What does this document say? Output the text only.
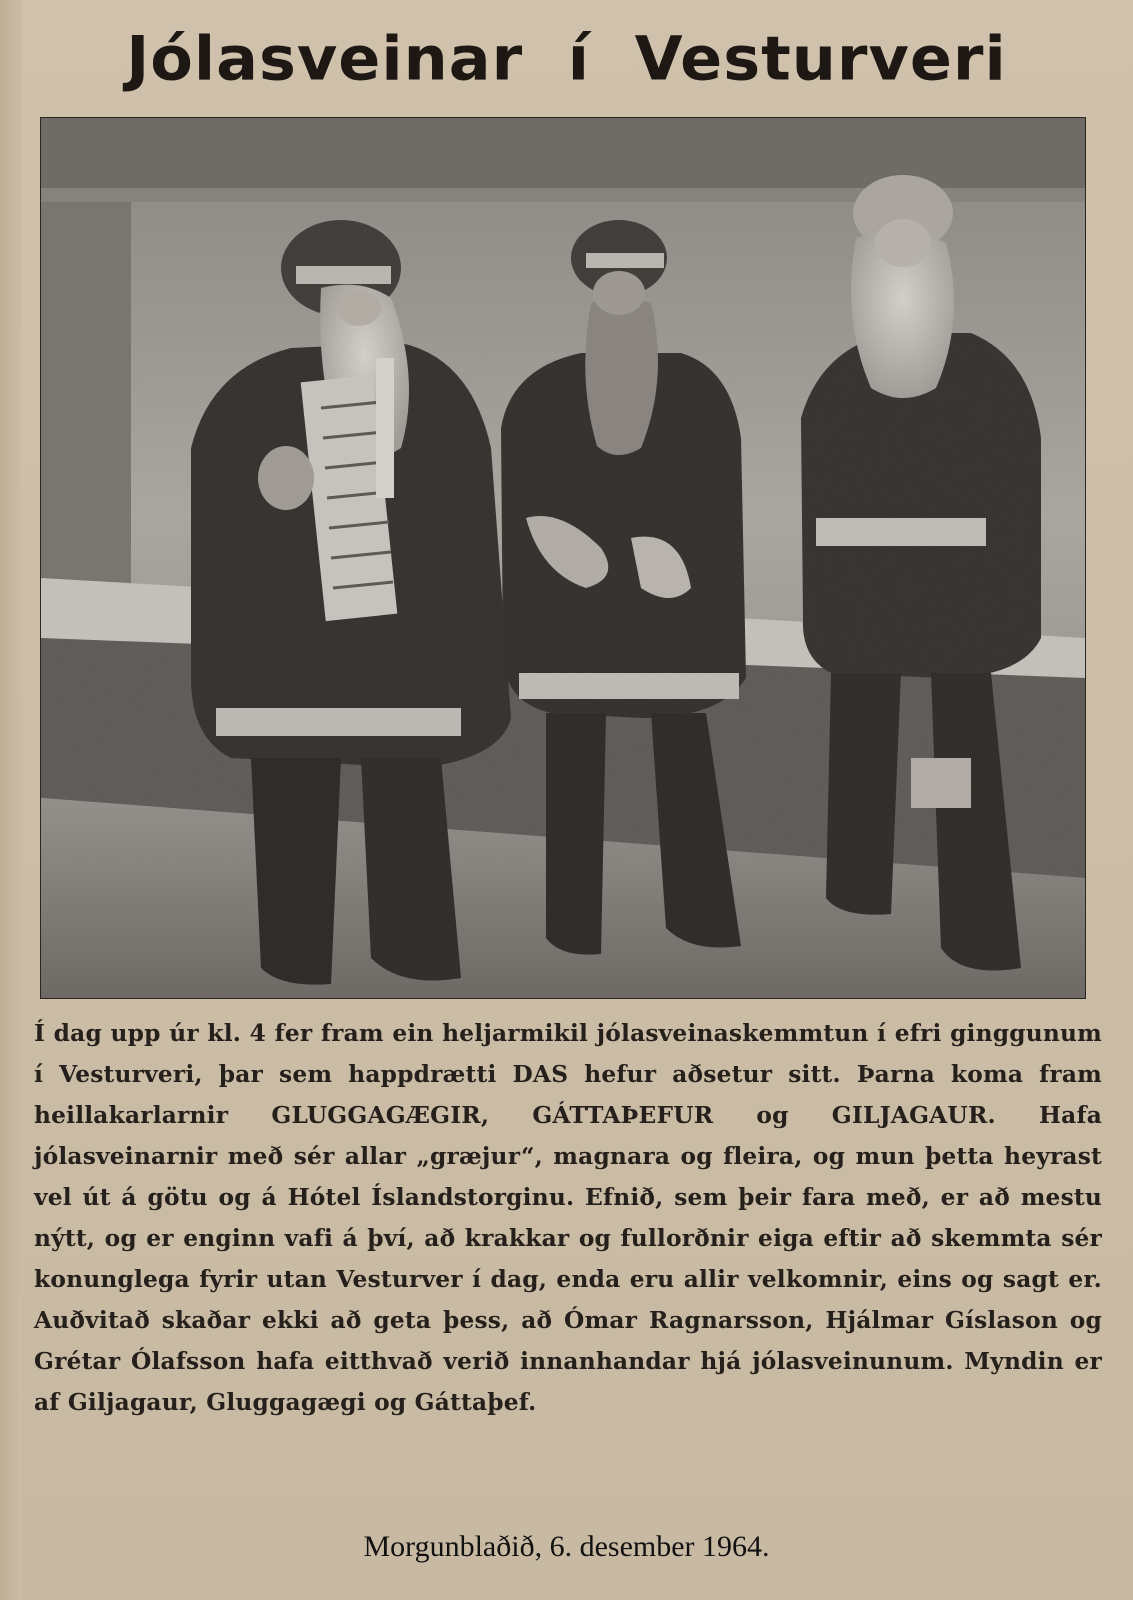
Jólasveinar í Vesturveri

Í dag upp úr kl. 4 fer fram ein heljarmikil jólasveinaskemmtun í efri ginggunum í Vesturveri, þar sem happdrætti DAS hefur aðsetur sitt. Þarna koma fram heillakarlarnir GLUGGAGÆGIR, GÁTTAÞEFUR og GILJAGAUR. Hafa jólasveinarnir með sér allar „græjur“, magnara og fleira, og mun þetta heyrast vel út á götu og á Hótel Íslandstorginu. Efnið, sem þeir fara með, er að mestu nýtt, og er enginn vafi á því, að krakkar og fullorðnir eiga eftir að skemmta sér konunglega fyrir utan Vesturver í dag, enda eru allir velkomnir, eins og sagt er. Auðvitað skaðar ekki að geta þess, að Ómar Ragnarsson, Hjálmar Gíslason og Grétar Ólafsson hafa eitthvað verið innanhandar hjá jólasveinunum. Myndin er af Giljagaur, Gluggagægi og Gáttaþef.

Morgunblaðið, 6. desember 1964.
